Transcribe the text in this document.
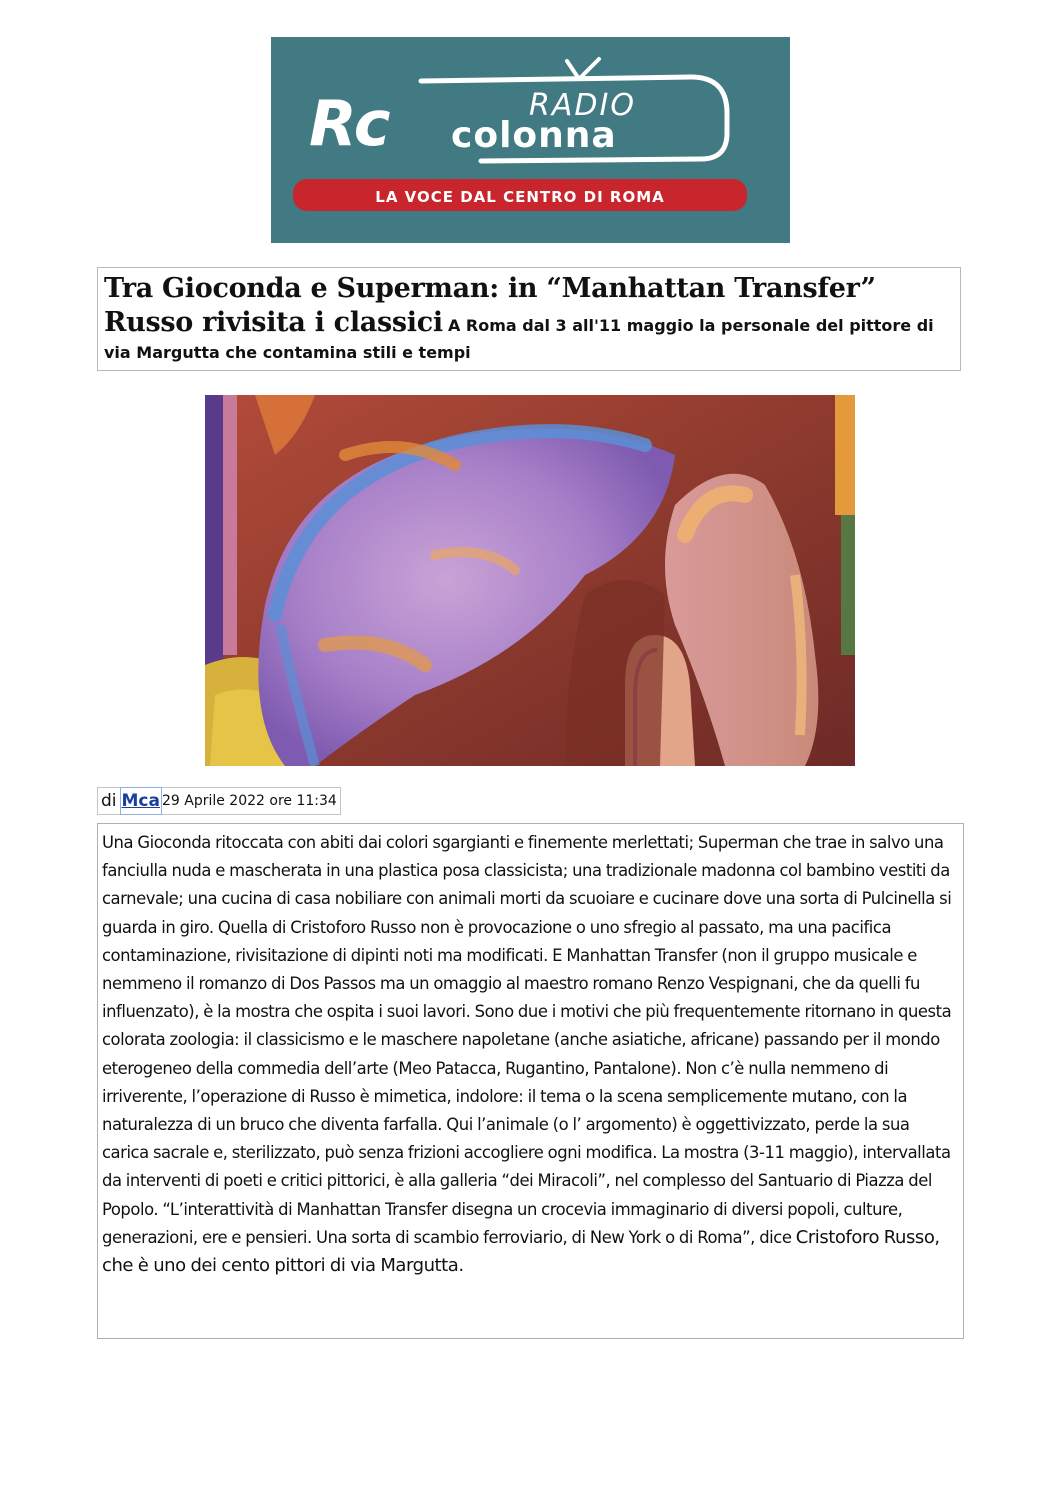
Rc	RADIO
colonna
LA VOCE DAL CENTRO DI ROMA
Tra Gioconda e Superman: in “Manhattan Transfer” Russo rivisita i classici A Roma dal 3 all'11 maggio la personale del pittore di via Margutta che contamina stili e tempi
di Mca 29 Aprile 2022 ore 11:34

Una Gioconda ritoccata con abiti dai colori sgargianti e finemente merlettati; Superman che trae in salvo una fanciulla nuda e mascherata in una plastica posa classicista; una tradizionale madonna col bambino vestiti da carnevale; una cucina di casa nobiliare con animali morti da scuoiare e cucinare dove una sorta di Pulcinella si guarda in giro. Quella di Cristoforo Russo non è provocazione o uno sfregio al passato, ma una pacifica contaminazione, rivisitazione di dipinti noti ma modificati. E Manhattan Transfer (non il gruppo musicale e nemmeno il romanzo di Dos Passos ma un omaggio al maestro romano Renzo Vespignani, che da quelli fu influenzato), è la mostra che ospita i suoi lavori. Sono due i motivi che più frequentemente ritornano in questa colorata zoologia: il classicismo e le maschere napoletane (anche asiatiche, africane) passando per il mondo eterogeneo della commedia dell’arte (Meo Patacca, Rugantino, Pantalone). Non c’è nulla nemmeno di irriverente, l’operazione di Russo è mimetica, indolore: il tema o la scena semplicemente mutano, con la naturalezza di un bruco che diventa farfalla. Qui l’animale (o l’ argomento) è oggettivizzato, perde la sua carica sacrale e, sterilizzato, può senza frizioni accogliere ogni modifica. La mostra (3-11 maggio), intervallata da interventi di poeti e critici pittorici, è alla galleria “dei Miracoli”, nel complesso del Santuario di Piazza del Popolo. “L’interattività di Manhattan Transfer disegna un crocevia immaginario di diversi popoli, culture, generazioni, ere e pensieri. Una sorta di scambio ferroviario, di New York o di Roma”, dice Cristoforo Russo, che è uno dei cento pittori di via Margutta.
